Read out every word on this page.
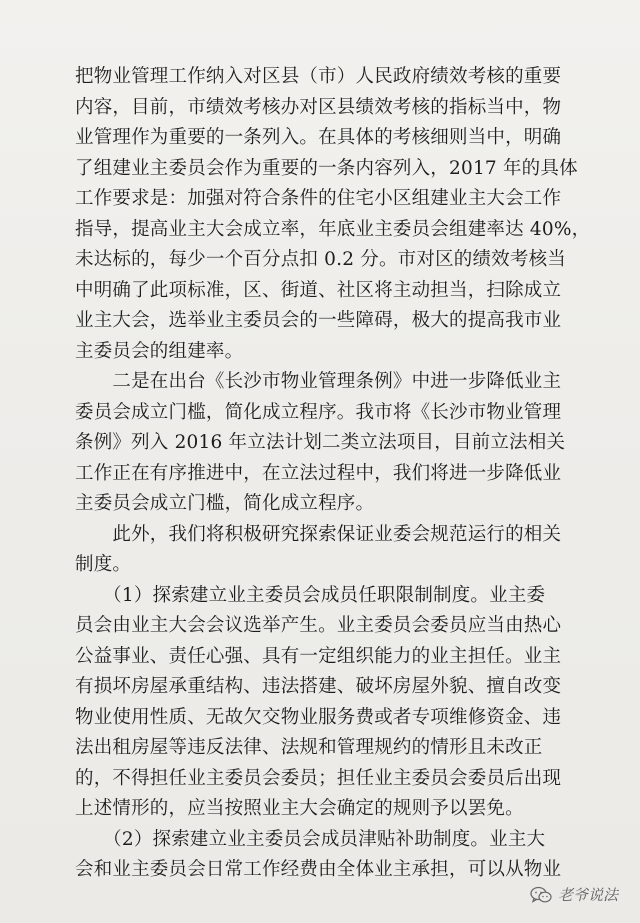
把物业管理工作纳入对区县（市）人民政府绩效考核的重要
内容，目前，市绩效考核办对区县绩效考核的指标当中，物
业管理作为重要的一条列入。在具体的考核细则当中，明确
了组建业主委员会作为重要的一条内容列入，2017 年的具体
工作要求是：加强对符合条件的住宅小区组建业主大会工作
指导，提高业主大会成立率，年底业主委员会组建率达 40%，
未达标的，每少一个百分点扣 0.2 分。市对区的绩效考核当
中明确了此项标准，区、街道、社区将主动担当，扫除成立
业主大会，选举业主委员会的一些障碍，极大的提高我市业
主委员会的组建率。
　　二是在出台《长沙市物业管理条例》中进一步降低业主
委员会成立门槛，简化成立程序。我市将《长沙市物业管理
条例》列入 2016 年立法计划二类立法项目，目前立法相关
工作正在有序推进中，在立法过程中，我们将进一步降低业
主委员会成立门槛，简化成立程序。
　　此外，我们将积极研究探索保证业委会规范运行的相关
制度。
　　（1）探索建立业主委员会成员任职限制制度。业主委
员会由业主大会会议选举产生。业主委员会委员应当由热心
公益事业、责任心强、具有一定组织能力的业主担任。业主
有损坏房屋承重结构、违法搭建、破坏房屋外貌、擅自改变
物业使用性质、无故欠交物业服务费或者专项维修资金、违
法出租房屋等违反法律、法规和管理规约的情形且未改正
的，不得担任业主委员会委员；担任业主委员会委员后出现
上述情形的，应当按照业主大会确定的规则予以罢免。
　　（2）探索建立业主委员会成员津贴补助制度。业主大
会和业主委员会日常工作经费由全体业主承担，可以从物业
老爷说法
